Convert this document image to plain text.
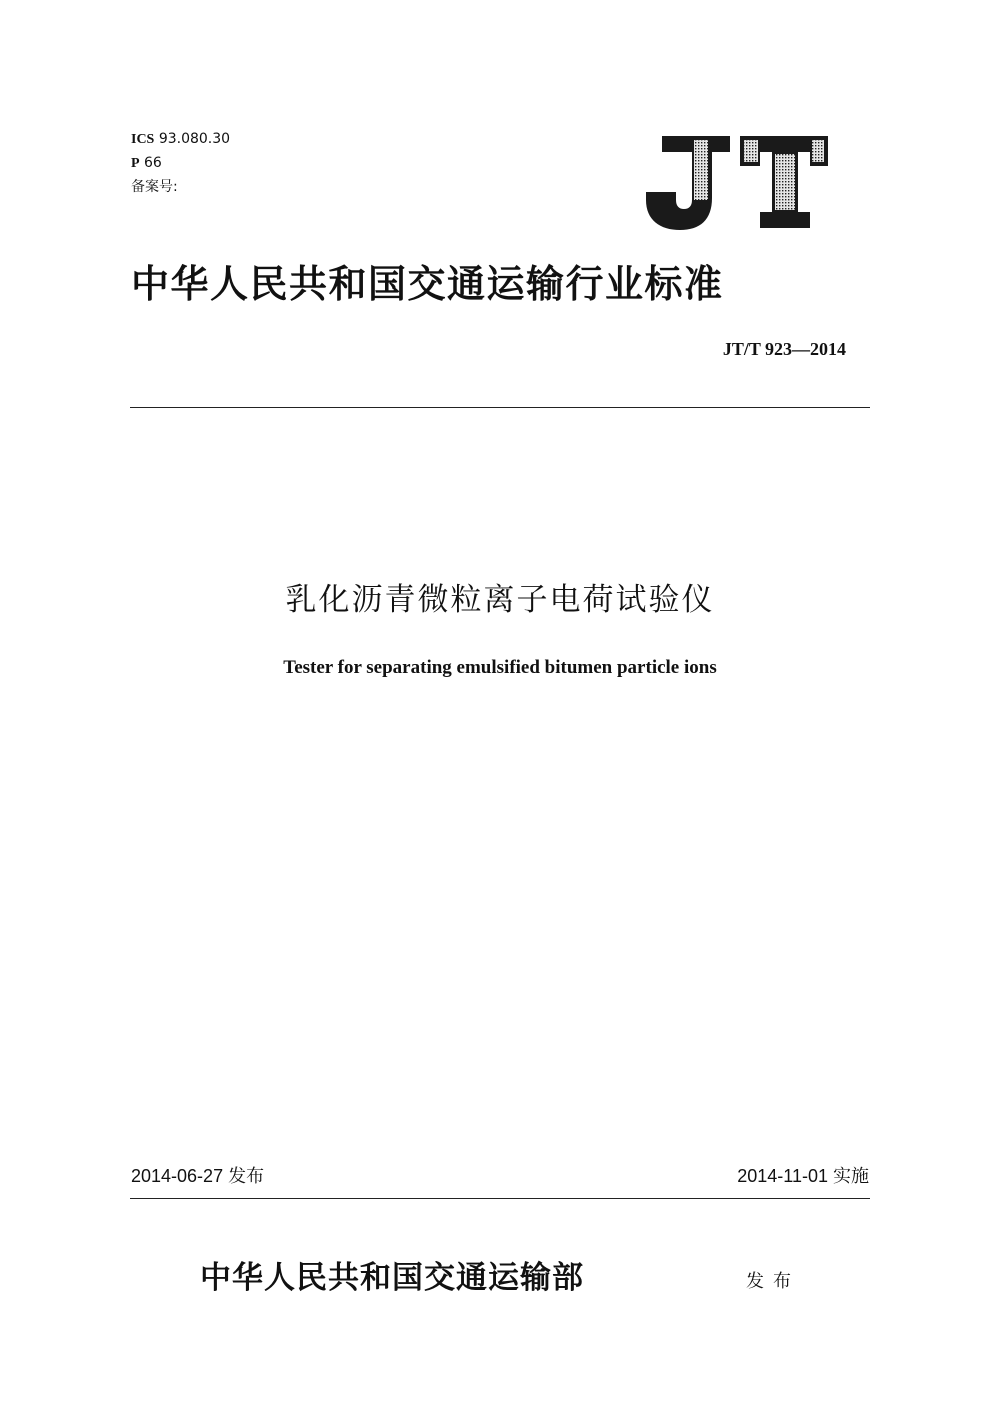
ICS 93.080.30
P 66
备案号:
中华人民共和国交通运输行业标准
JT/T 923—2014
乳化沥青微粒离子电荷试验仪
Tester for separating emulsified bitumen particle ions
2014-06-27 发布	2014-11-01 实施
中华人民共和国交通运输部	发布
